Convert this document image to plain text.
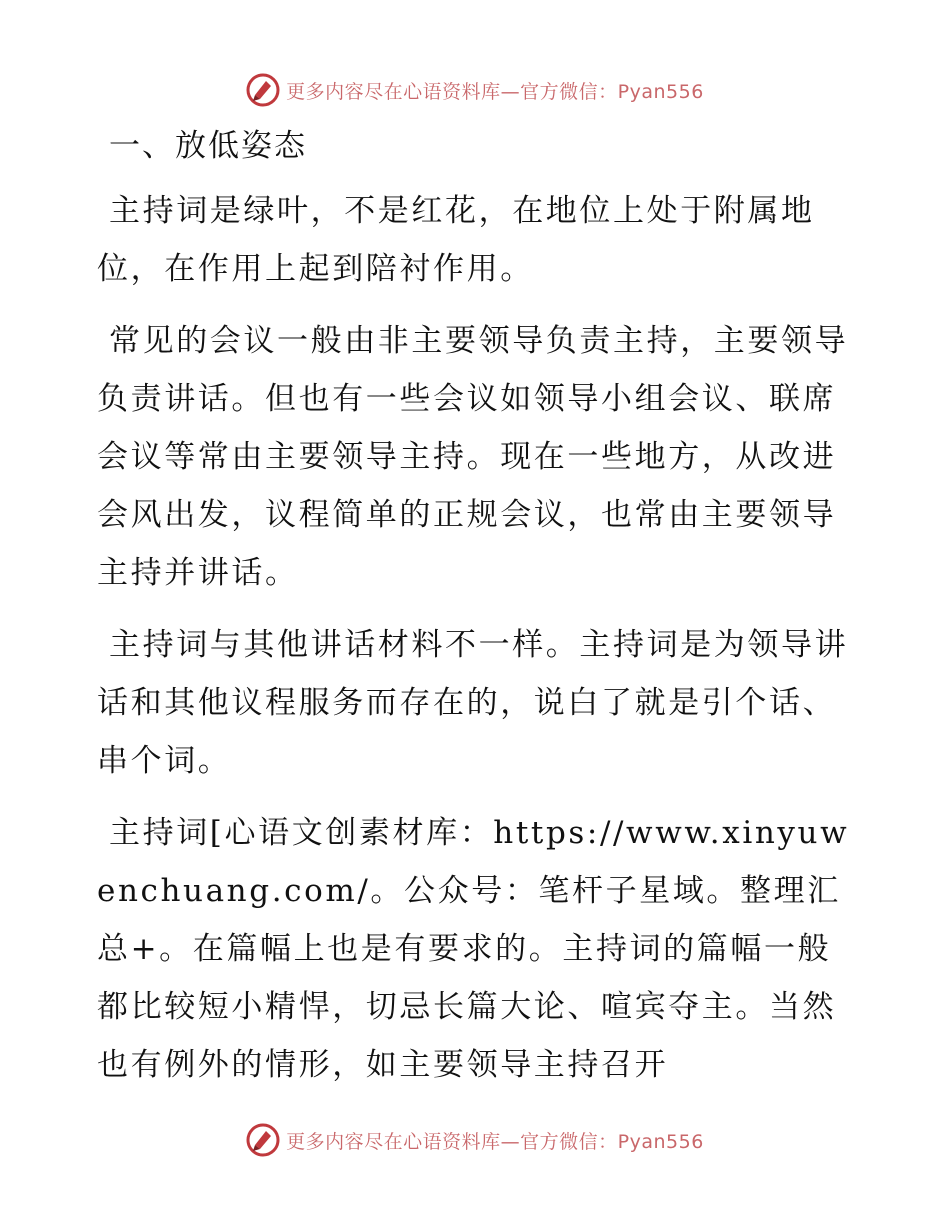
更多内容尽在心语资料库—官方微信：Pyan556
一、放低姿态

主持词是绿叶，不是红花，在地位上处于附属地位，在作用上起到陪衬作用。

常见的会议一般由非主要领导负责主持，主要领导负责讲话。但也有一些会议如领导小组会议、联席会议等常由主要领导主持。现在一些地方，从改进会风出发，议程简单的正规会议，也常由主要领导主持并讲话。

主持词与其他讲话材料不一样。主持词是为领导讲话和其他议程服务而存在的，说白了就是引个话、串个词。

主持词[心语文创素材库：https://www.xinyuwenchuang.com/。公众号：笔杆子星域。整理汇总+。在篇幅上也是有要求的。主持词的篇幅一般都比较短小精悍，切忌长篇大论、喧宾夺主。当然也有例外的情形，如主要领导主持召开

更多内容尽在心语资料库—官方微信：Pyan556
